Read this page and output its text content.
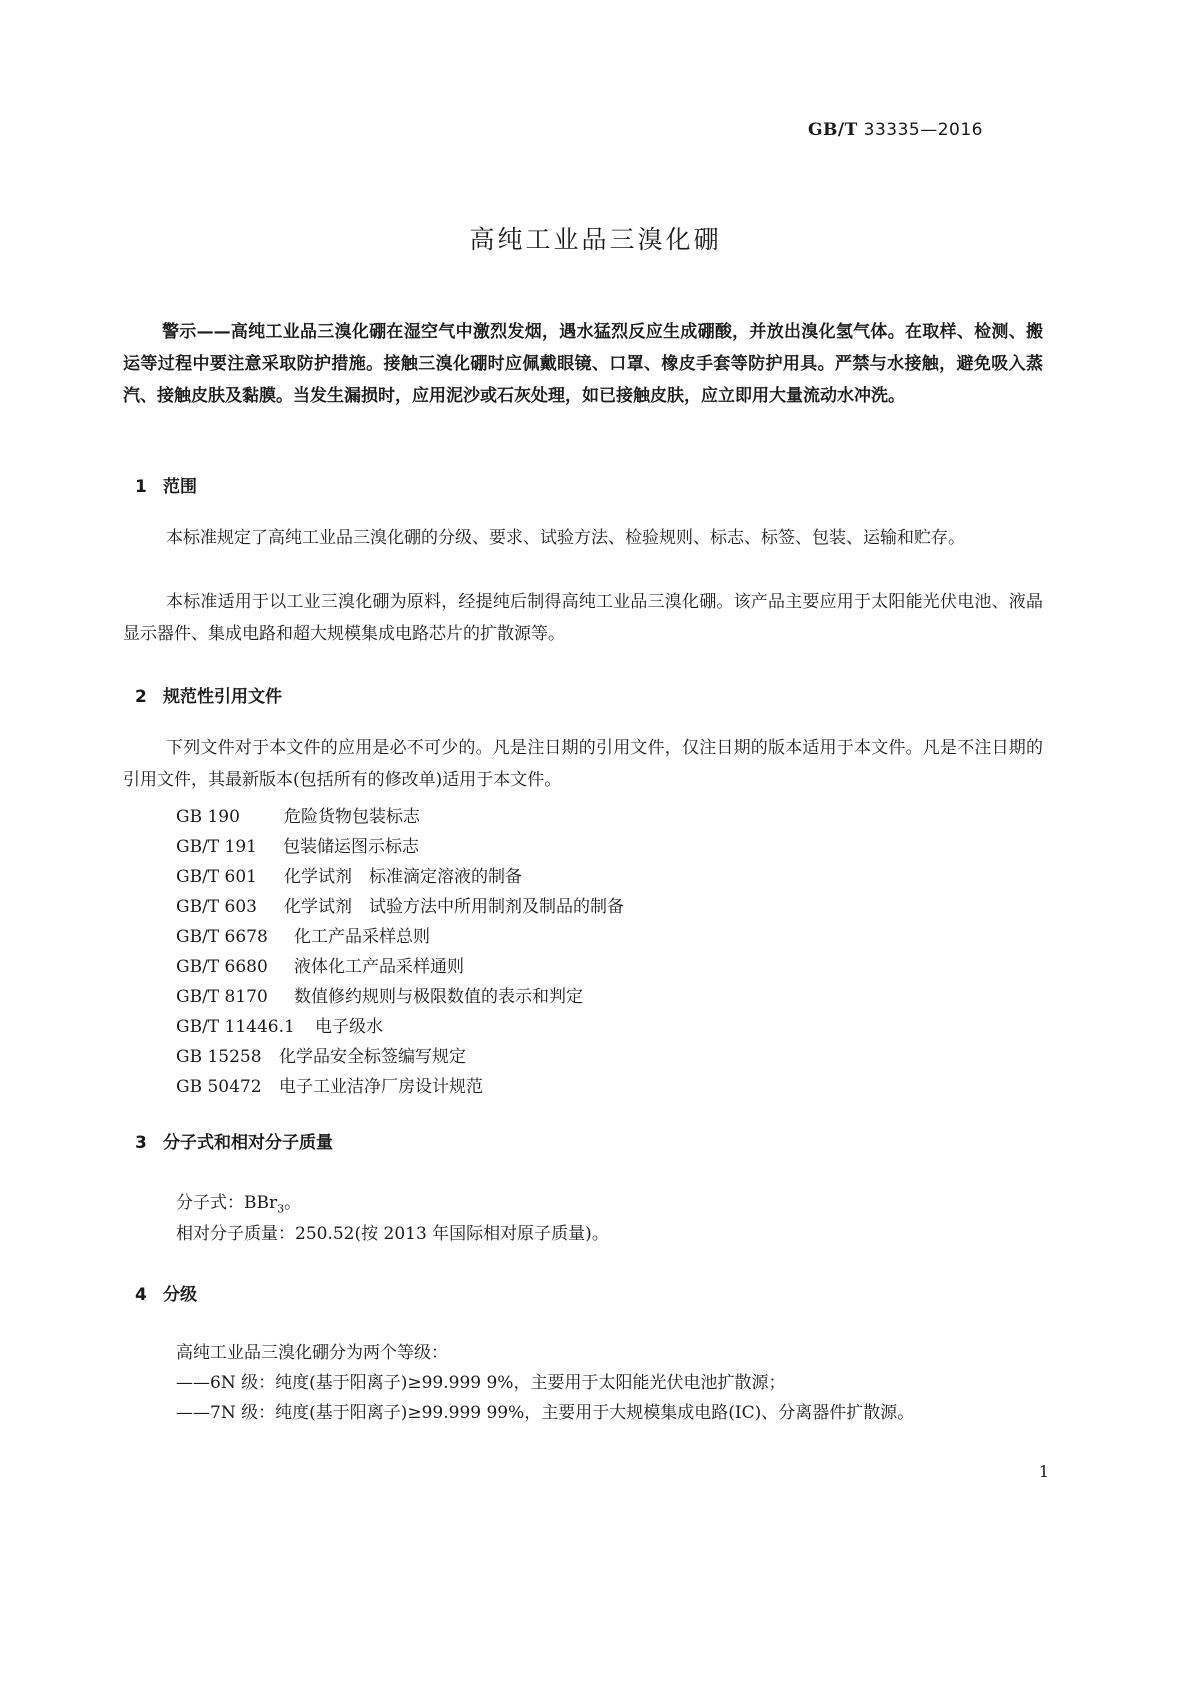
GB/T 33335—2016
高纯工业品三溴化硼
警示——高纯工业品三溴化硼在湿空气中激烈发烟，遇水猛烈反应生成硼酸，并放出溴化氢气体。在取样、检测、搬运等过程中要注意采取防护措施。接触三溴化硼时应佩戴眼镜、口罩、橡皮手套等防护用具。严禁与水接触，避免吸入蒸汽、接触皮肤及黏膜。当发生漏损时，应用泥沙或石灰处理，如已接触皮肤，应立即用大量流动水冲洗。
1 范围
本标准规定了高纯工业品三溴化硼的分级、要求、试验方法、检验规则、标志、标签、包装、运输和贮存。
本标准适用于以工业三溴化硼为原料，经提纯后制得高纯工业品三溴化硼。该产品主要应用于太阳能光伏电池、液晶显示器件、集成电路和超大规模集成电路芯片的扩散源等。
2 规范性引用文件
下列文件对于本文件的应用是必不可少的。凡是注日期的引用文件，仅注日期的版本适用于本文件。凡是不注日期的引用文件，其最新版本(包括所有的修改单)适用于本文件。
GB 190	危险货物包装标志
GB/T 191 包装储运图示标志
GB/T 601 化学试剂　标准滴定溶液的制备
GB/T 603 化学试剂　试验方法中所用制剂及制品的制备
GB/T 6678 化工产品采样总则
GB/T 6680 液体化工产品采样通则
GB/T 8170 数值修约规则与极限数值的表示和判定
GB/T 11446.1 电子级水
GB 15258 化学品安全标签编写规定
GB 50472 电子工业洁净厂房设计规范
3 分子式和相对分子质量
分子式：BBr$_3$。
相对分子质量：250.52(按 2013 年国际相对原子质量)。
4 分级
高纯工业品三溴化硼分为两个等级：
——6N 级：纯度(基于阳离子)≥99.999 9%，主要用于太阳能光伏电池扩散源；
——7N 级：纯度(基于阳离子)≥99.999 99%，主要用于大规模集成电路(IC)、分离器件扩散源。
1
